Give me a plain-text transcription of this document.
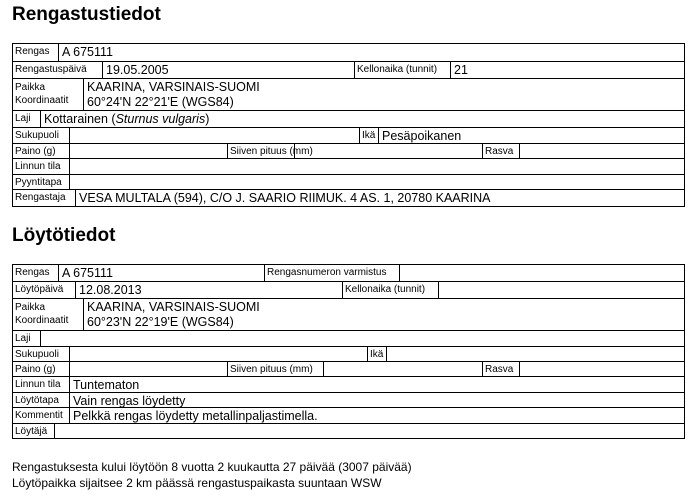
Rengastustiedot
Rengas	A 675111
Rengastuspäivä	19.05.2005	Kellonaika (tunnit)	21
Paikka
Koordinaatit
KAARINA, VARSINAIS-SUOMI
60°24'N 22°21'E (WGS84)
Laji	Kottarainen (Sturnus vulgaris)
Sukupuoli	Ikä Pesäpoikanen
Paino (g)	Siiven pituus (mm)	Rasva
Linnun tila
Pyyntitapa
Rengastaja	VESA MULTALA (594), C/O J. SAARIO RIIMUK. 4 AS. 1, 20780 KAARINA
Löytötiedot
Rengas	A 675111	Rengasnumeron varmistus
Löytöpäivä	12.08.2013	Kellonaika (tunnit)
Paikka
Koordinaatit
KAARINA, VARSINAIS-SUOMI
60°23'N 22°19'E (WGS84)
Laji
Sukupuoli	Ikä
Paino (g)	Siiven pituus (mm)	Rasva
Linnun tila Tuntematon
Löytötapa	Vain rengas löydetty
Kommentit Pelkkä rengas löydetty metallinpaljastimella.
Löytäjä
Rengastuksesta kului löytöön 8 vuotta 2 kuukautta 27 päivää (3007 päivää)
Löytöpaikka sijaitsee 2 km päässä rengastuspaikasta suuntaan WSW
